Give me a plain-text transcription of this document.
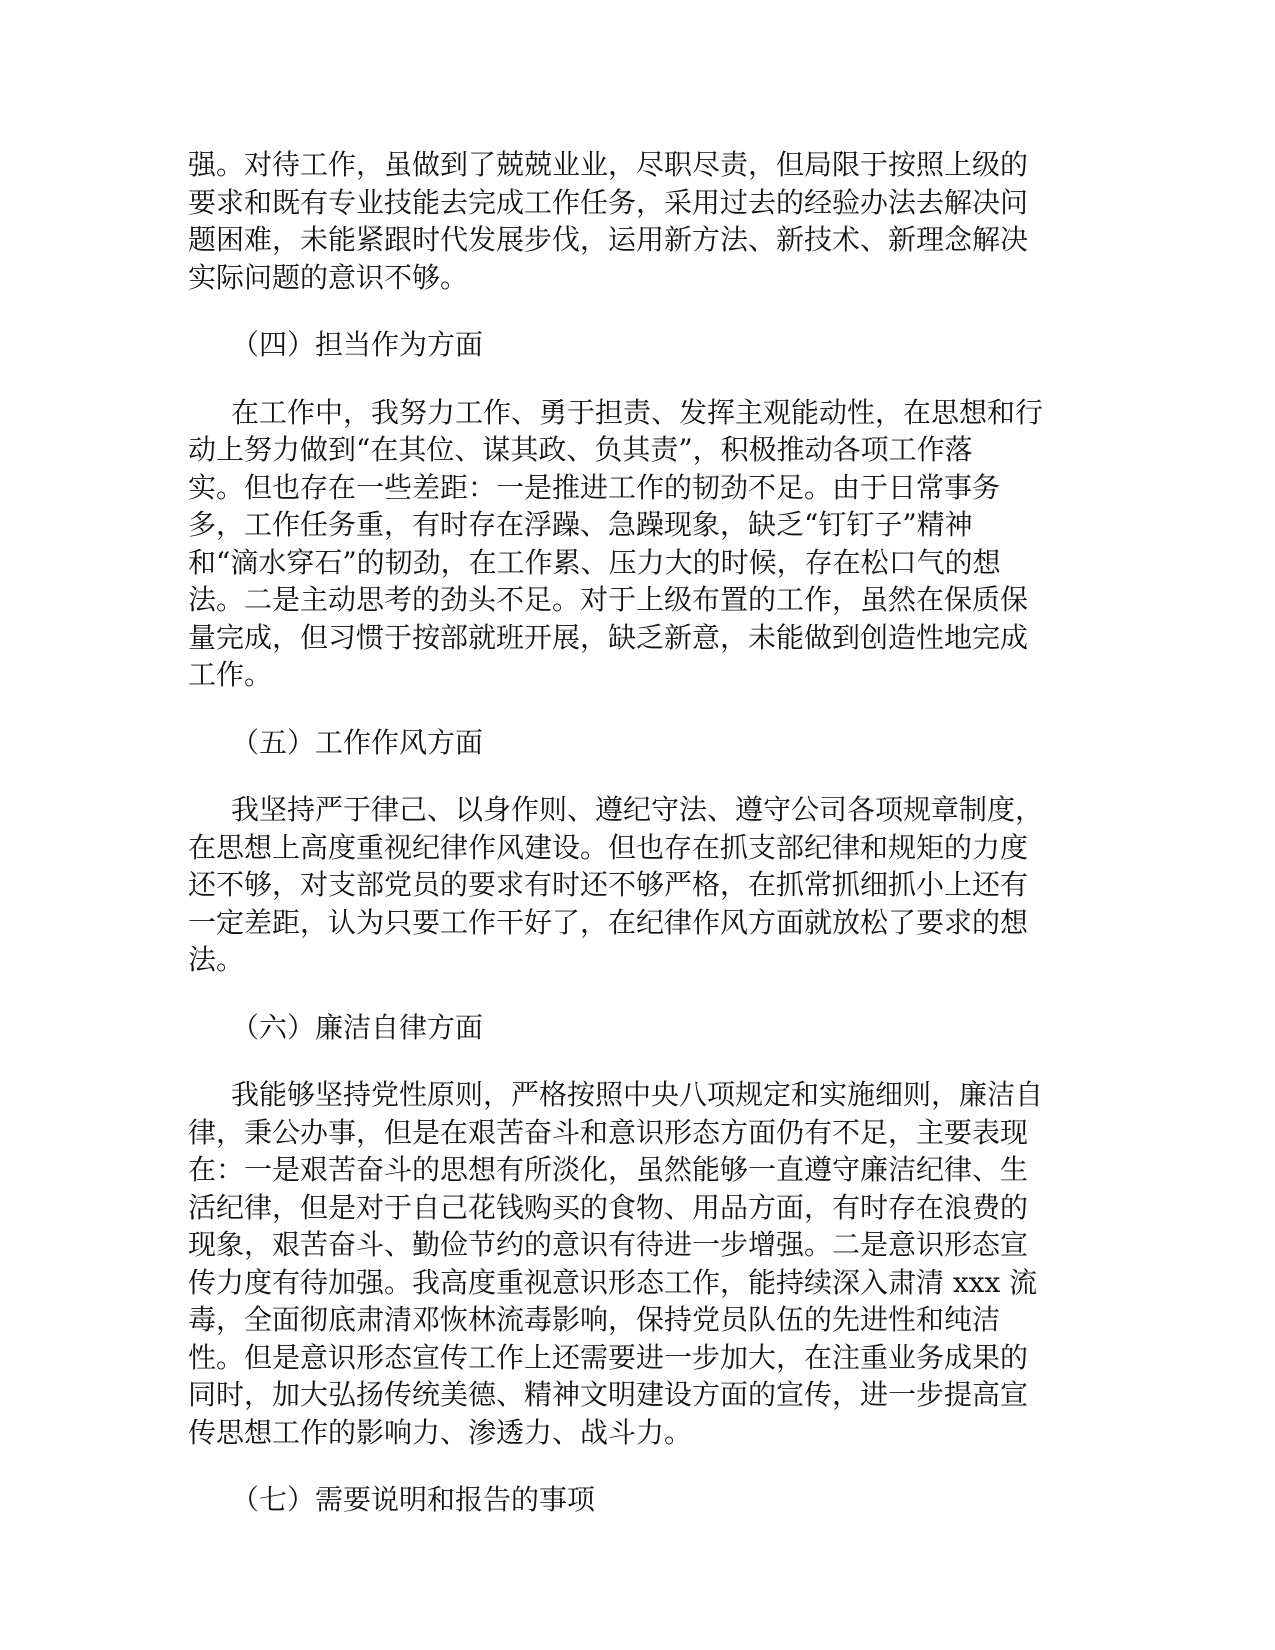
强。对待工作，虽做到了兢兢业业，尽职尽责，但局限于按照上级的
要求和既有专业技能去完成工作任务，采用过去的经验办法去解决问
题困难，未能紧跟时代发展步伐，运用新方法、新技术、新理念解决
实际问题的意识不够。
（四）担当作为方面
在工作中，我努力工作、勇于担责、发挥主观能动性，在思想和行
动上努力做到“在其位、谋其政、负其责”，积极推动各项工作落
实。但也存在一些差距：一是推进工作的韧劲不足。由于日常事务
多，工作任务重，有时存在浮躁、急躁现象，缺乏“钉钉子”精神
和“滴水穿石”的韧劲，在工作累、压力大的时候，存在松口气的想
法。二是主动思考的劲头不足。对于上级布置的工作，虽然在保质保
量完成，但习惯于按部就班开展，缺乏新意，未能做到创造性地完成
工作。
（五）工作作风方面
我坚持严于律己、以身作则、遵纪守法、遵守公司各项规章制度，
在思想上高度重视纪律作风建设。但也存在抓支部纪律和规矩的力度
还不够，对支部党员的要求有时还不够严格，在抓常抓细抓小上还有
一定差距，认为只要工作干好了，在纪律作风方面就放松了要求的想
法。
（六）廉洁自律方面
我能够坚持党性原则，严格按照中央八项规定和实施细则，廉洁自
律，秉公办事，但是在艰苦奋斗和意识形态方面仍有不足，主要表现
在：一是艰苦奋斗的思想有所淡化，虽然能够一直遵守廉洁纪律、生
活纪律，但是对于自己花钱购买的食物、用品方面，有时存在浪费的
现象，艰苦奋斗、勤俭节约的意识有待进一步增强。二是意识形态宣
传力度有待加强。我高度重视意识形态工作，能持续深入肃清 xxx 流
毒，全面彻底肃清邓恢林流毒影响，保持党员队伍的先进性和纯洁
性。但是意识形态宣传工作上还需要进一步加大，在注重业务成果的
同时，加大弘扬传统美德、精神文明建设方面的宣传，进一步提高宣
传思想工作的影响力、渗透力、战斗力。
（七）需要说明和报告的事项
